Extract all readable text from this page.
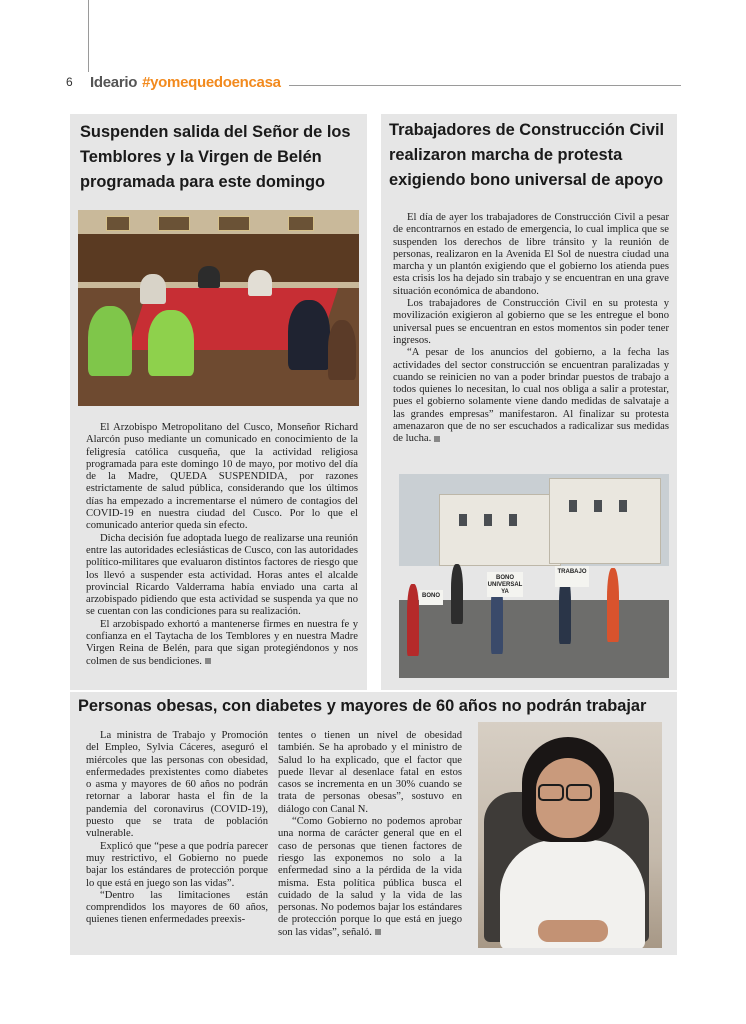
6	Ideario #yomequedoencasa
Suspenden salida del Señor de los Temblores y la Virgen de Belén programada para este domingo

El Arzobispo Metropolitano del Cusco, Monseñor Richard Alarcón puso mediante un comunicado en conocimiento de la feligresía católica cusqueña, que la actividad religiosa programada para este domingo 10 de mayo, por motivo del día de la Madre, QUEDA SUSPENDIDA, por razones estrictamente de salud pública, considerando que los últimos días ha empezado a incrementarse el número de contagios del COVID-19 en nuestra ciudad del Cusco. Por lo que el comunicado anterior queda sin efecto.

Dicha decisión fue adoptada luego de realizarse una reunión entre las autoridades eclesiásticas de Cusco, con las autoridades político-militares que evaluaron distintos factores de riesgo que los llevó a suspender esta actividad. Horas antes el alcalde provincial Ricardo Valderrama había enviado una carta al arzobispado pidiendo que esta actividad se suspenda ya que no se cuentan con las condiciones para su realización.

El arzobispado exhortó a mantenerse firmes en nuestra fe y confianza en el Taytacha de los Temblores y en nuestra Madre Virgen Reina de Belén, para que sigan protegiéndonos y nos colmen de sus bendiciones.

Trabajadores de Construcción Civil realizaron marcha de protesta exigiendo bono universal de apoyo

El día de ayer los trabajadores de Construcción Civil a pesar de encontrarnos en estado de emergencia, lo cual implica que se suspenden los derechos de libre tránsito y la reunión de personas, realizaron en la Avenida El Sol de nuestra ciudad una marcha y un plantón exigiendo que el gobierno los atienda pues esta crisis los ha dejado sin trabajo y se encuentran en una grave situación económica de abandono.

Los trabajadores de Construcción Civil en su protesta y movilización exigieron al gobierno que se les entregue el bono universal pues se encuentran en estos momentos sin poder tener ingresos.

“A pesar de los anuncios del gobierno, a la fecha las actividades del sector construcción se encuentran paralizadas y cuando se reinicien no van a poder brindar puestos de trabajo a todos quienes lo necesitan, lo cual nos obliga a salir a protestar, pues el gobierno solamente viene dando medidas de salvataje a las grandes empresas” manifestaron. Al finalizar su protesta amenazaron que de no ser escuchados a radicalizar sus medidas de lucha.

BONO UNIVERSAL YA
TRABAJO
BONO
Personas obesas, con diabetes y mayores de 60 años no podrán trabajar

La ministra de Trabajo y Promoción del Empleo, Sylvia Cáceres, aseguró el miércoles que las personas con obesidad, enfermedades prexistentes como diabetes o asma y mayores de 60 años no podrán retornar a laborar hasta el fin de la pandemia del coronavirus (COVID-19), puesto que se trata de población vulnerable.

Explicó que “pese a que podría parecer muy restrictivo, el Gobierno no puede bajar los estándares de protección porque lo que está en juego son las vidas”.

“Dentro las limitaciones están comprendidos los mayores de 60 años, quienes tienen enfermedades preexis-

tentes o tienen un nivel de obesidad también. Se ha aprobado y el ministro de Salud lo ha explicado, que el factor que puede llevar al desenlace fatal en estos casos se incrementa en un 30% cuando se trata de personas obesas”, sostuvo en diálogo con Canal N.

“Como Gobierno no podemos aprobar una norma de carácter general que en el caso de personas que tienen factores de riesgo las exponemos no solo a la enfermedad sino a la pérdida de la vida misma. Esta política pública busca el cuidado de la salud y la vida de las personas. No podemos bajar los estándares de protección porque lo que está en juego son las vidas”, señaló.
